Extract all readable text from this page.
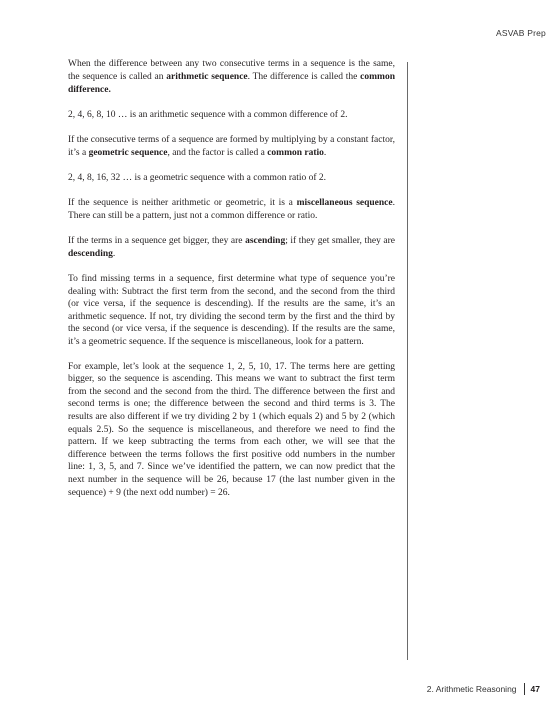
ASVAB Prep

When the difference between any two consecutive terms in a sequence is the same, the sequence is called an arithmetic sequence. The difference is called the common difference.

2, 4, 6, 8, 10 … is an arithmetic sequence with a common difference of 2.

If the consecutive terms of a sequence are formed by multiplying by a constant factor, it’s a geometric sequence, and the factor is called a common ratio.

2, 4, 8, 16, 32 … is a geometric sequence with a common ratio of 2.

If the sequence is neither arithmetic or geometric, it is a miscellaneous sequence. There can still be a pattern, just not a common difference or ratio.

If the terms in a sequence get bigger, they are ascending; if they get smaller, they are descending.

To find missing terms in a sequence, first determine what type of sequence you’re dealing with: Subtract the first term from the second, and the second from the third (or vice versa, if the sequence is descending). If the results are the same, it’s an arithmetic sequence. If not, try dividing the second term by the first and the third by the second (or vice versa, if the sequence is descending). If the results are the same, it’s a geometric sequence. If the sequence is miscellaneous, look for a pattern.

For example, let’s look at the sequence 1, 2, 5, 10, 17. The terms here are getting bigger, so the sequence is ascending. This means we want to subtract the first term from the second and the second from the third. The difference between the first and second terms is one; the difference between the second and third terms is 3. The results are also different if we try dividing 2 by 1 (which equals 2) and 5 by 2 (which equals 2.5). So the sequence is miscellaneous, and therefore we need to find the pattern. If we keep subtracting the terms from each other, we will see that the difference between the terms follows the first positive odd numbers in the number line: 1, 3, 5, and 7. Since we’ve identified the pattern, we can now predict that the next number in the sequence will be 26, because 17 (the last number given in the sequence) + 9 (the next odd number) = 26.

2. Arithmetic Reasoning 47
